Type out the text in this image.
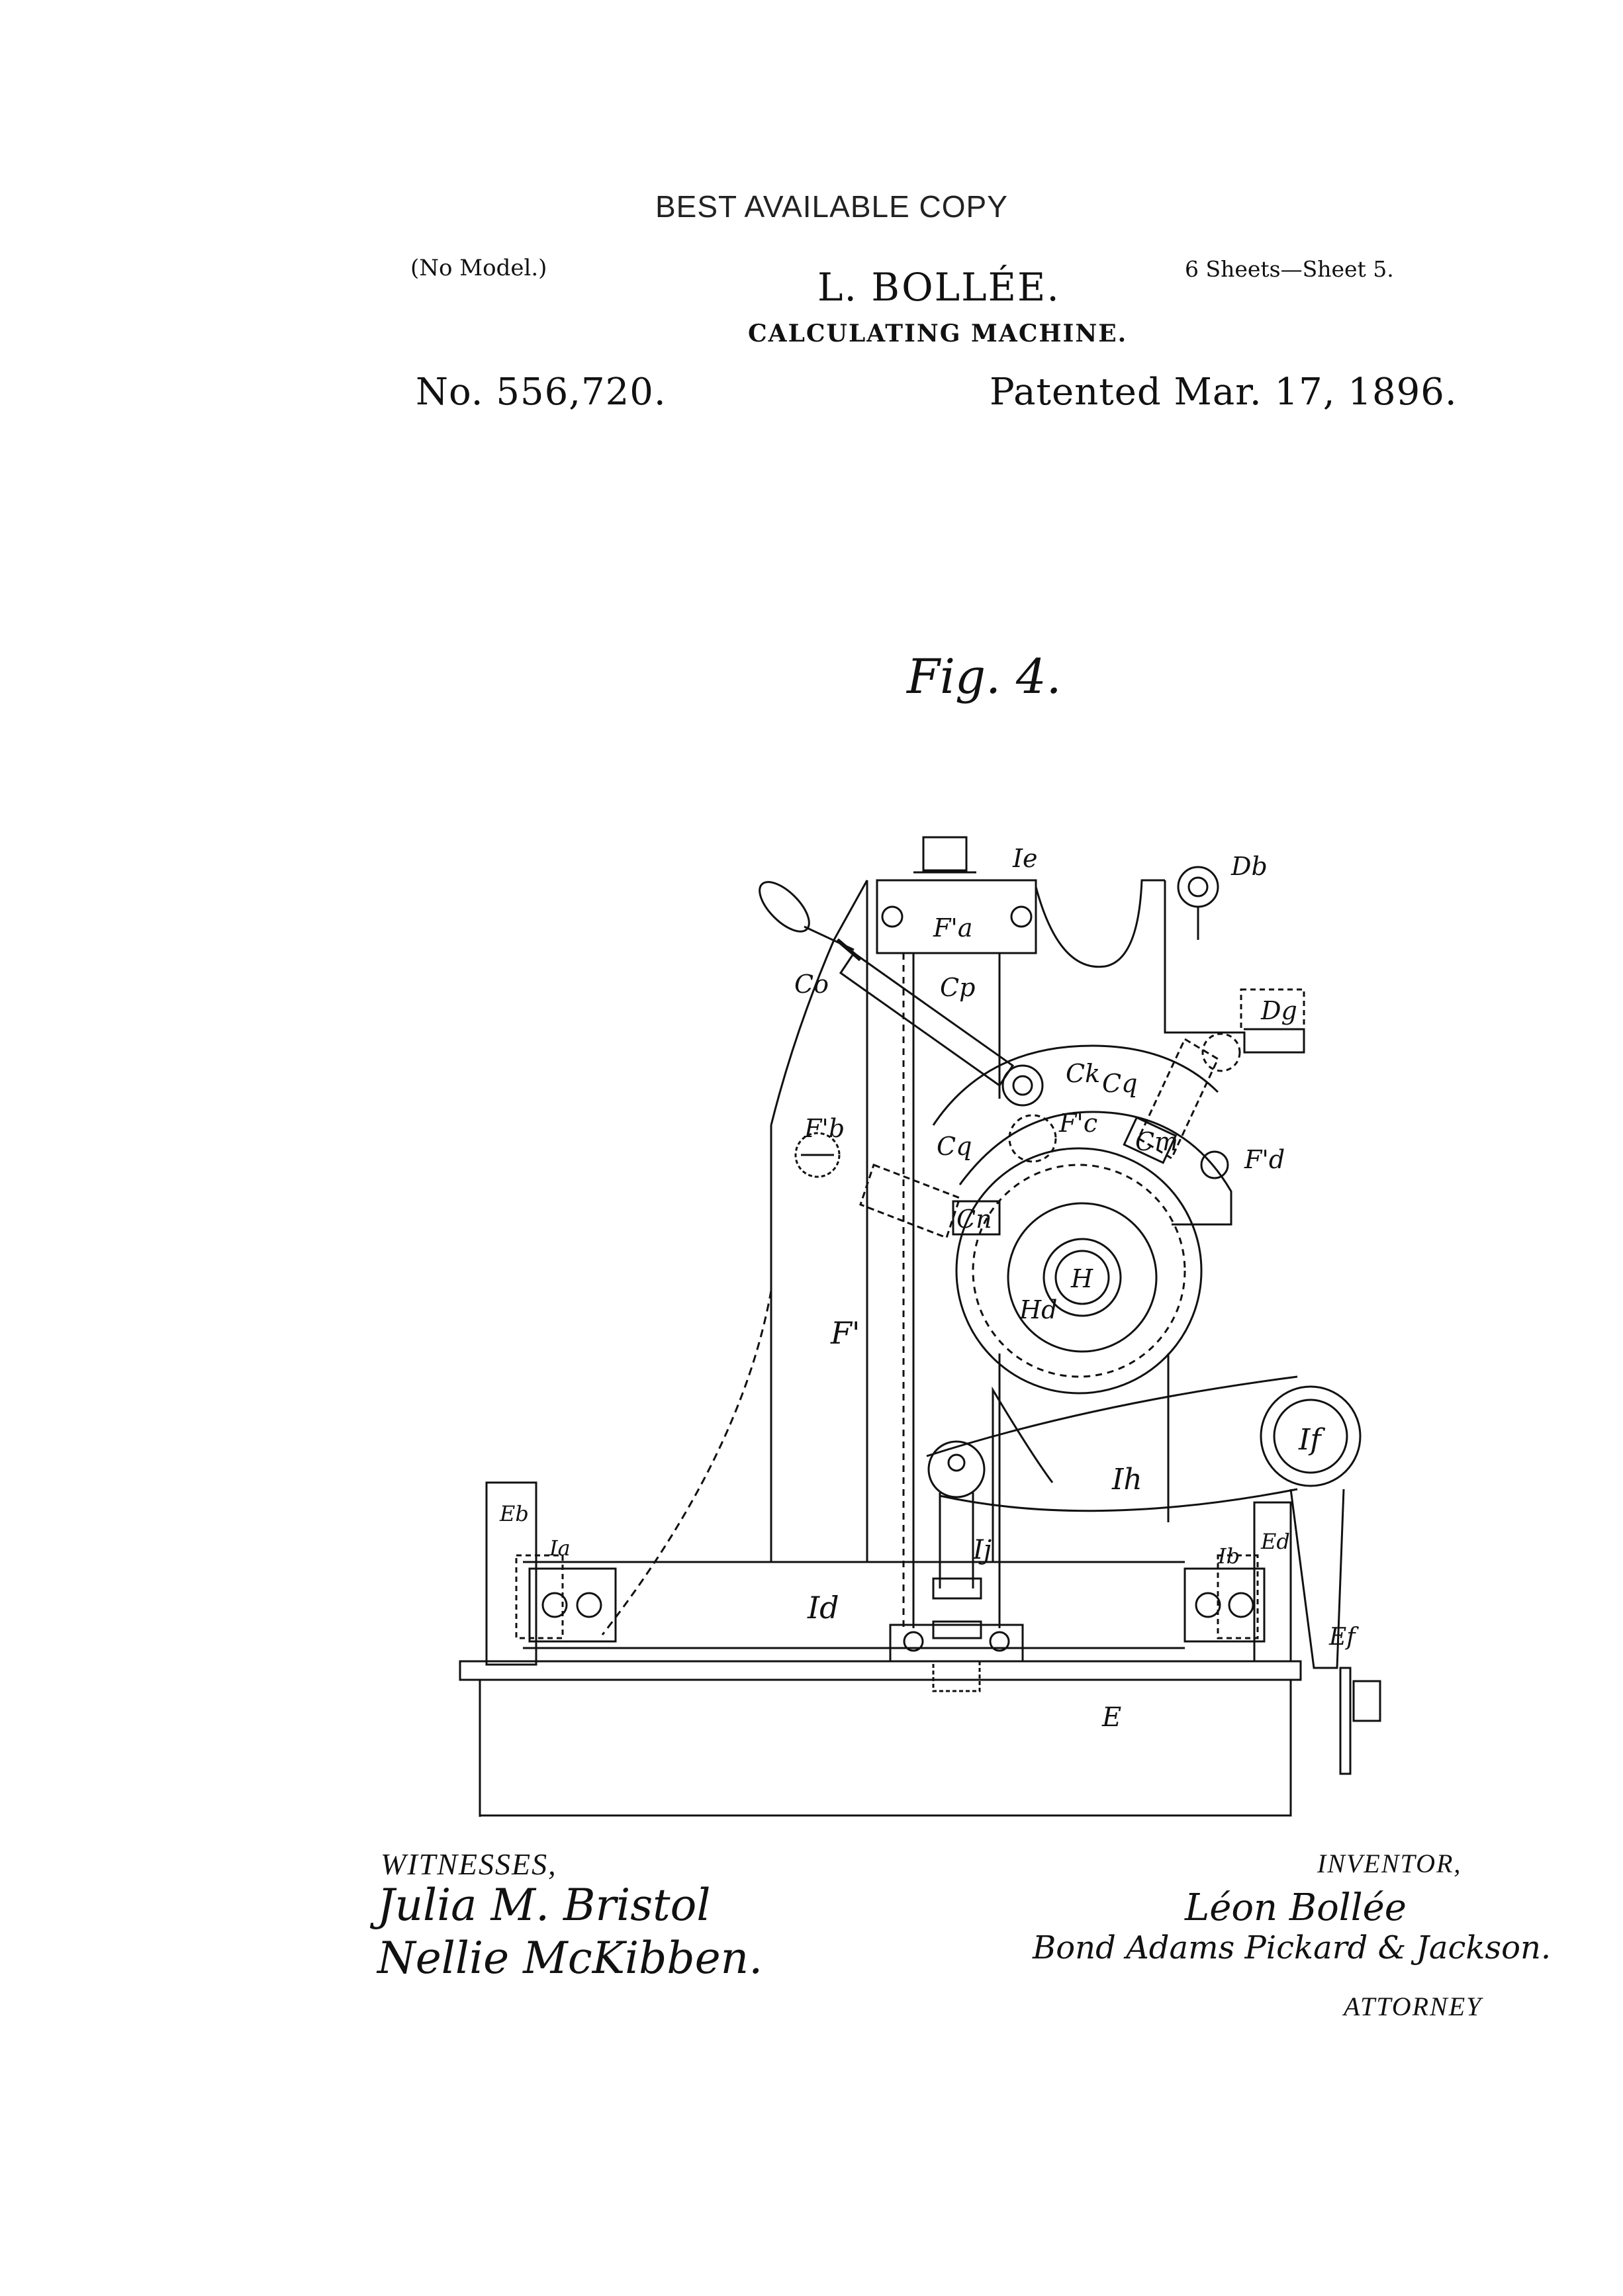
BEST AVAILABLE COPY
(No Model.)	6 Sheets—Sheet 5.
L. BOLLÉE.
CALCULATING MACHINE.
No. 556,720.	Patented Mar. 17, 1896.
Fig. 4.
Ie	Db
F'a
Co	Cp
Dg
Ck Cq
F'b
Cq
F'c
Cm
F'd
Cn
H
Hd
F'
If
Ih
Eb
Ia	Ij	Ib
Ed
Id
Ef
E
WITNESSES,
Julia M. Bristol
Nellie McKibben.
INVENTOR,
Léon Bollée
Bond Adams Pickard & Jackson.
ATTORNEY
